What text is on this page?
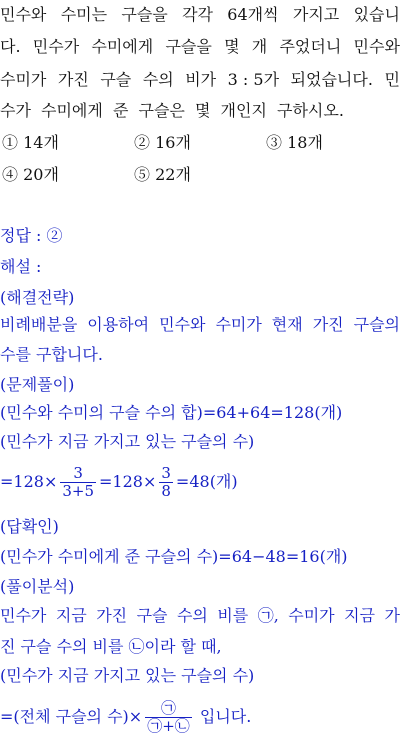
민수와 수미는 구슬을 각각 64개씩 가지고 있습니
다. 민수가 수미에게 구슬을 몇 개 주었더니 민수와
수미가 가진 구슬 수의 비가 3 : 5가 되었습니다. 민
수가 수미에게 준 구슬은 몇 개인지 구하시오.
① 14개	② 16개	③ 18개
④ 20개	⑤ 22개
정답 : ②
해설 :
(해결전략)
비례배분을 이용하여 민수와 수미가 현재 가진 구슬의
수를 구합니다.
(문제풀이)
(민수와 수미의 구슬 수의 합)=64+64=128(개)
(민수가 지금 가지고 있는 구슬의 수)
$=128\times \frac{3}{3+5} =128\times \frac{3}{8} =48$(개)
(답확인)
(민수가 수미에게 준 구슬의 수)=64−48=16(개)
(풀이분석)
민수가 지금 가진 구슬 수의 비를 ㉠, 수미가 지금 가
진 구슬 수의 비를 ㉡이라 할 때,
(민수가 지금 가지고 있는 구슬의 수)
=(전체 구슬의 수)× $\frac{㉠}{㉠+㉡}$ 입니다.
